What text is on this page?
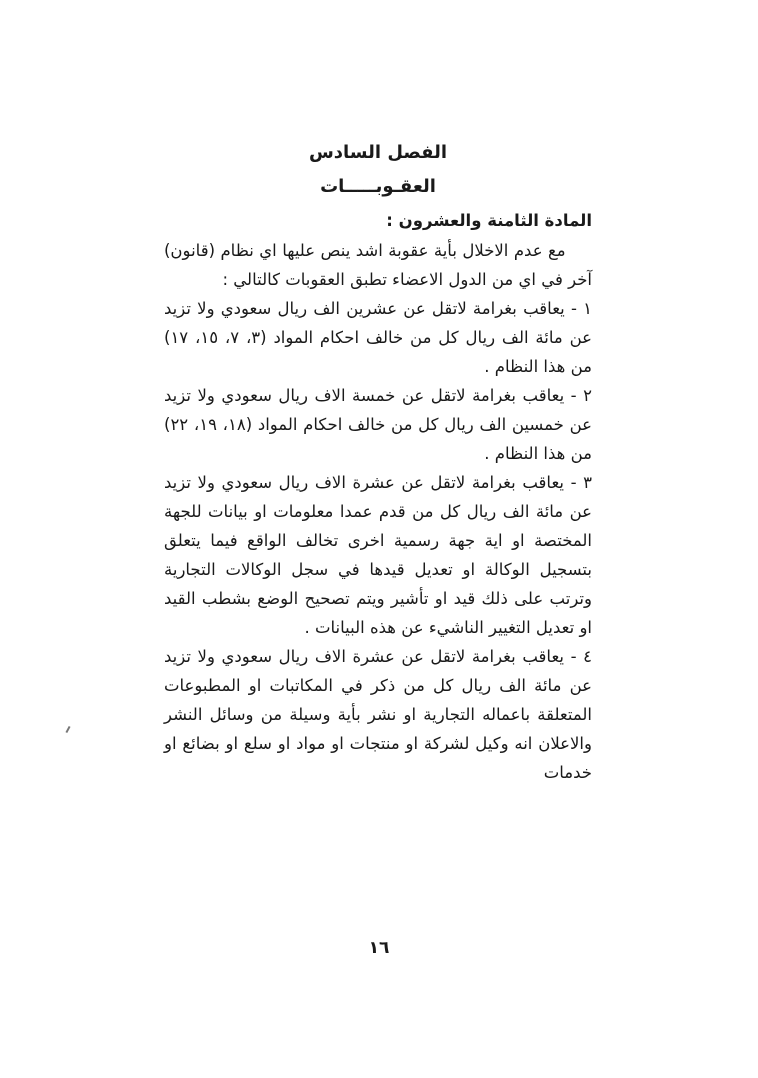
الفصل السادس
العقـوبـــــات
المادة الثامنة والعشرون :

مع عدم الاخلال بأية عقوبة اشد ينص عليها اي نظام (قانون) آخر في اي من الدول الاعضاء تطبق العقوبات كالتالي :

١ - يعاقب بغرامة لاتقل عن عشرين الف ريال سعودي ولا تزيد عن مائة الف ريال كل من خالف احكام المواد (٣، ٧، ١٥، ١٧) من هذا النظام .

٢ - يعاقب بغرامة لاتقل عن خمسة الاف ريال سعودي ولا تزيد عن خمسين الف ريال كل من خالف احكام المواد (١٨، ١٩، ٢٢) من هذا النظام .

٣ - يعاقب بغرامة لاتقل عن عشرة الاف ريال سعودي ولا تزيد عن مائة الف ريال كل من قدم عمدا معلومات او بيانات للجهة المختصة او اية جهة رسمية اخرى تخالف الواقع فيما يتعلق بتسجيل الوكالة او تعديل قيدها في سجل الوكالات التجارية وترتب على ذلك قيد او تأشير ويتم تصحيح الوضع بشطب القيد او تعديل التغيير الناشيء عن هذه البيانات .

٤ - يعاقب بغرامة لاتقل عن عشرة الاف ريال سعودي ولا تزيد عن مائة الف ريال كل من ذكر في المكاتبات او المطبوعات المتعلقة باعماله التجارية او نشر بأية وسيلة من وسائل النشر والاعلان انه وكيل لشركة او منتجات او مواد او سلع او بضائع او خدمات

١٦
